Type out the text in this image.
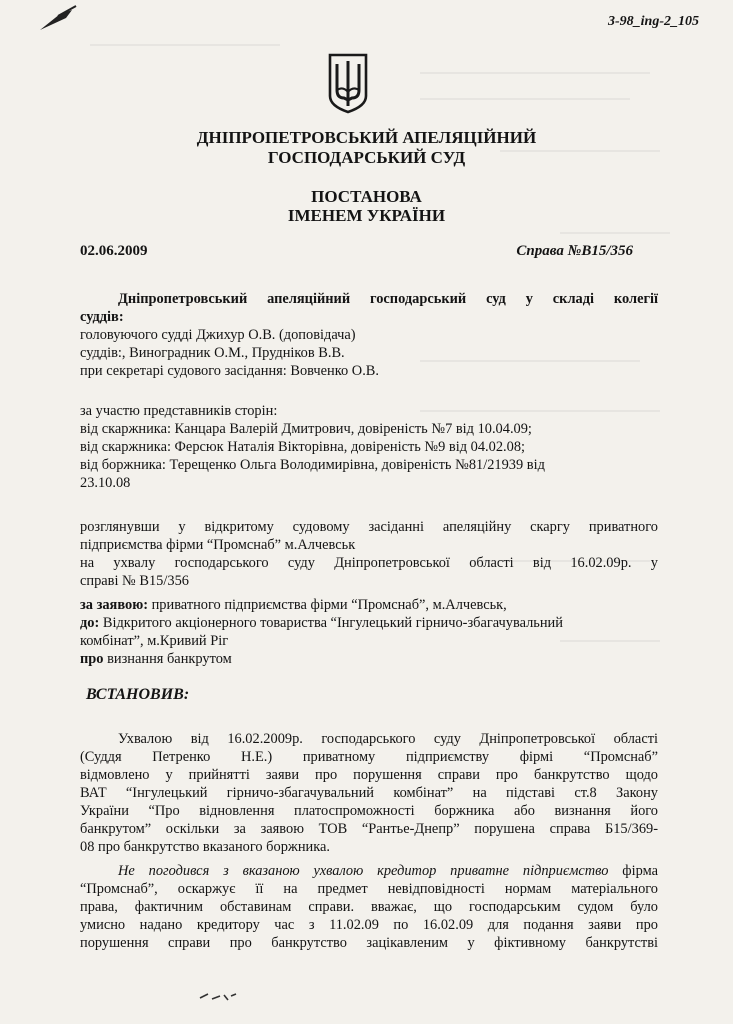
3-98_ing-2_105
ДНІПРОПЕТРОВСЬКИЙ АПЕЛЯЦІЙНИЙ
ГОСПОДАРСЬКИЙ СУД
ПОСТАНОВА
ІМЕНЕМ УКРАЇНИ
02.06.2009	Справа №В15/356
Дніпропетровський апеляційний господарський суд у складі колегії
суддів:
головуючого судді Джихур О.В. (доповідача)
суддів:, Виноградник О.М., Прудніков В.В.
при секретарі судового засідання: Вовченко О.В.
за участю представників сторін:
від скаржника: Канцара Валерій Дмитрович, довіреність №7 від 10.04.09;
від скаржника: Ферсюк Наталія Вікторівна, довіреність №9 від 04.02.08;
від боржника: Терещенко Ольга Володимирівна, довіреність №81/21939 від
23.10.08
розглянувши у відкритому судовому засіданні апеляційну скаргу приватного
підприємства фірми “Промснаб” м.Алчевськ
на ухвалу господарського суду Дніпропетровської області від 16.02.09р. у
справі № В15/356
за заявою: приватного підприємства фірми “Промснаб”, м.Алчевськ,
до: Відкритого акціонерного товариства “Інгулецький гірничо-збагачувальний
комбінат”, м.Кривий Ріг
про визнання банкрутом
ВСТАНОВИВ:
Ухвалою від 16.02.2009р. господарського суду Дніпропетровської області
(Суддя Петренко Н.Е.) приватному підприємству фірмі “Промснаб”
відмовлено у прийнятті заяви про порушення справи про банкрутство щодо
ВАТ “Інгулецький гірничо-збагачувальний комбінат” на підставі ст.8 Закону
України “Про відновлення платоспроможності боржника або визнання його
банкрутом” оскільки за заявою ТОВ “Рантье-Днепр” порушена справа Б15/369-
08 про банкрутство вказаного боржника.
Не погодився з вказаною ухвалою кредитор приватне підприємство фірма
“Промснаб”, оскаржує її на предмет невідповідності нормам матеріального
права, фактичним обставинам справи. вважає, що господарським судом було
умисно надано кредитору час з 11.02.09 по 16.02.09 для подання заяви про
порушення справи про банкрутство зацікавленим у фіктивному банкрутстві
